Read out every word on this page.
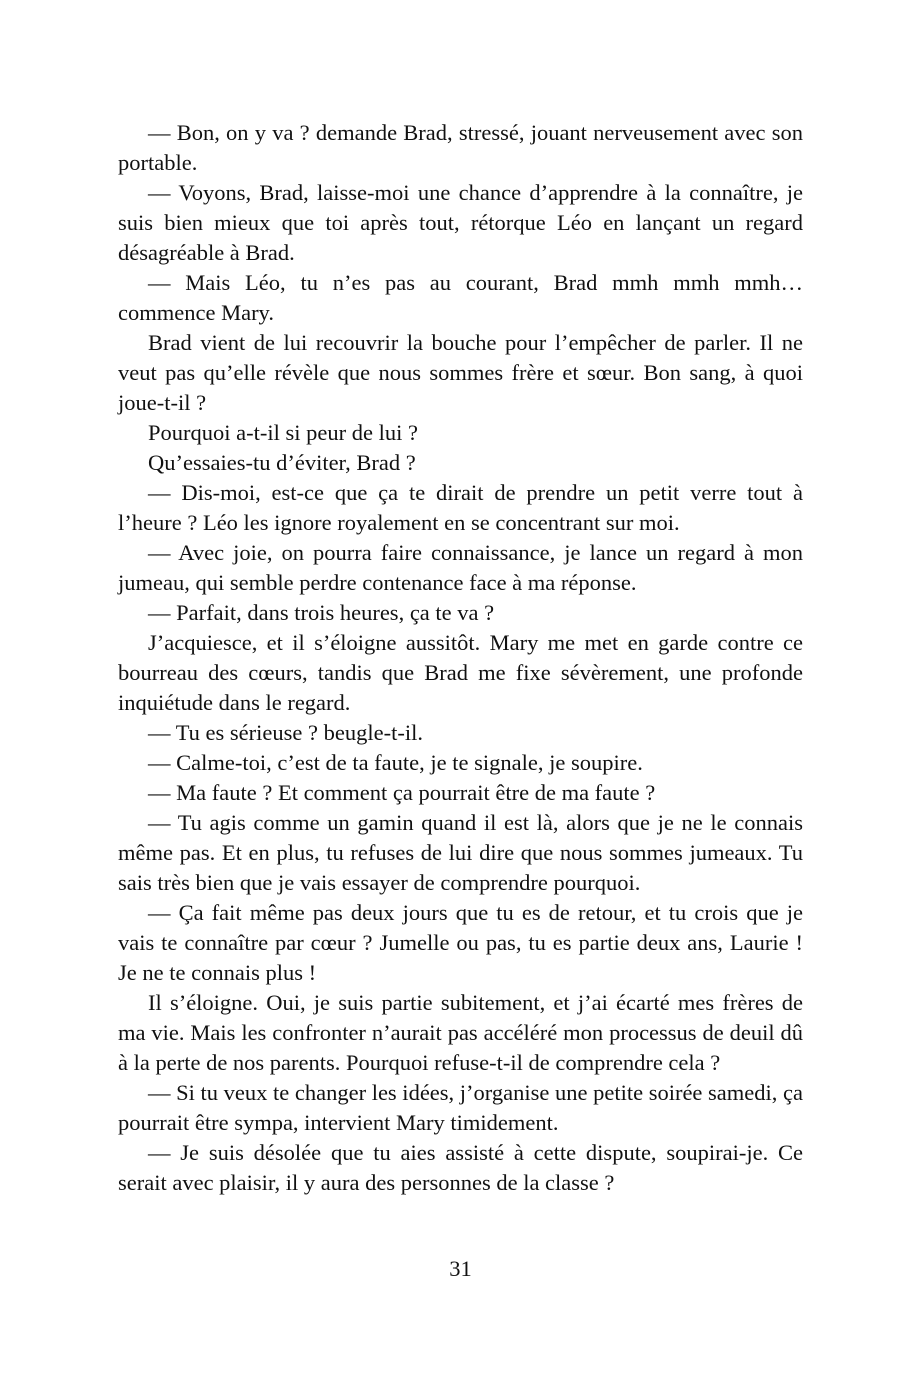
— Bon, on y va ? demande Brad, stressé, jouant nerveusement avec son portable.

— Voyons, Brad, laisse-moi une chance d’apprendre à la connaître, je suis bien mieux que toi après tout, rétorque Léo en lançant un regard désagréable à Brad.

— Mais Léo, tu n’es pas au courant, Brad mmh mmh mmh… commence Mary.

Brad vient de lui recouvrir la bouche pour l’empêcher de parler. Il ne veut pas qu’elle révèle que nous sommes frère et sœur. Bon sang, à quoi joue-t-il ?

Pourquoi a-t-il si peur de lui ?

Qu’essaies-tu d’éviter, Brad ?

— Dis-moi, est-ce que ça te dirait de prendre un petit verre tout à l’heure ? Léo les ignore royalement en se concentrant sur moi.

— Avec joie, on pourra faire connaissance, je lance un regard à mon jumeau, qui semble perdre contenance face à ma réponse.

— Parfait, dans trois heures, ça te va ?

J’acquiesce, et il s’éloigne aussitôt. Mary me met en garde contre ce bourreau des cœurs, tandis que Brad me fixe sévèrement, une profonde inquiétude dans le regard.

— Tu es sérieuse ? beugle-t-il.

— Calme-toi, c’est de ta faute, je te signale, je soupire.

— Ma faute ? Et comment ça pourrait être de ma faute ?

— Tu agis comme un gamin quand il est là, alors que je ne le connais même pas. Et en plus, tu refuses de lui dire que nous sommes jumeaux. Tu sais très bien que je vais essayer de comprendre pourquoi.

— Ça fait même pas deux jours que tu es de retour, et tu crois que je vais te connaître par cœur ? Jumelle ou pas, tu es partie deux ans, Laurie ! Je ne te connais plus !

Il s’éloigne. Oui, je suis partie subitement, et j’ai écarté mes frères de ma vie. Mais les confronter n’aurait pas accéléré mon processus de deuil dû à la perte de nos parents. Pourquoi refuse-t-il de comprendre cela ?

— Si tu veux te changer les idées, j’organise une petite soirée samedi, ça pourrait être sympa, intervient Mary timidement.

— Je suis désolée que tu aies assisté à cette dispute, soupirai-je. Ce serait avec plaisir, il y aura des personnes de la classe ?

31
